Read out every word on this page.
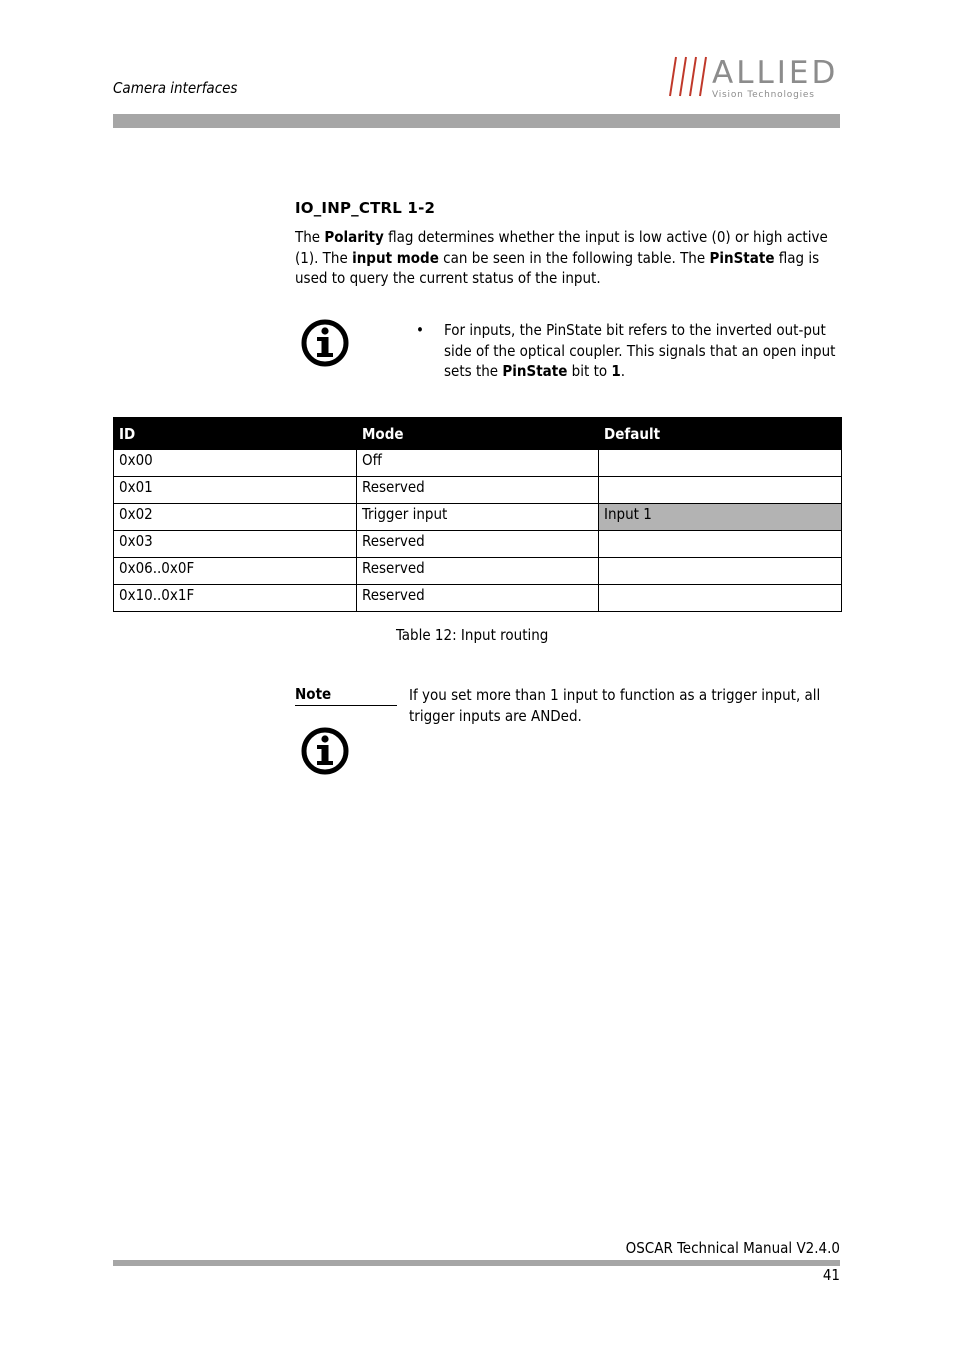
Camera interfaces	ALLIED
Vision Technologies
IO_INP_CTRL 1-2
The Polarity flag determines whether the input is low active (0) or high active (1). The input mode can be seen in the following table. The PinState flag is used to query the current status of the input.
• For inputs, the PinState bit refers to the inverted out-put side of the optical coupler. This signals that an open input sets the PinState bit to 1.
ID	Mode	Default
0x00	Off	
0x01	Reserved	
0x02	Trigger input	Input 1
0x03	Reserved	
0x06..0x0F	Reserved	
0x10..0x1F	Reserved	
Table 12: Input routing
Note	If you set more than 1 input to function as a trigger input, all trigger inputs are ANDed.
OSCAR Technical Manual V2.4.0
41
